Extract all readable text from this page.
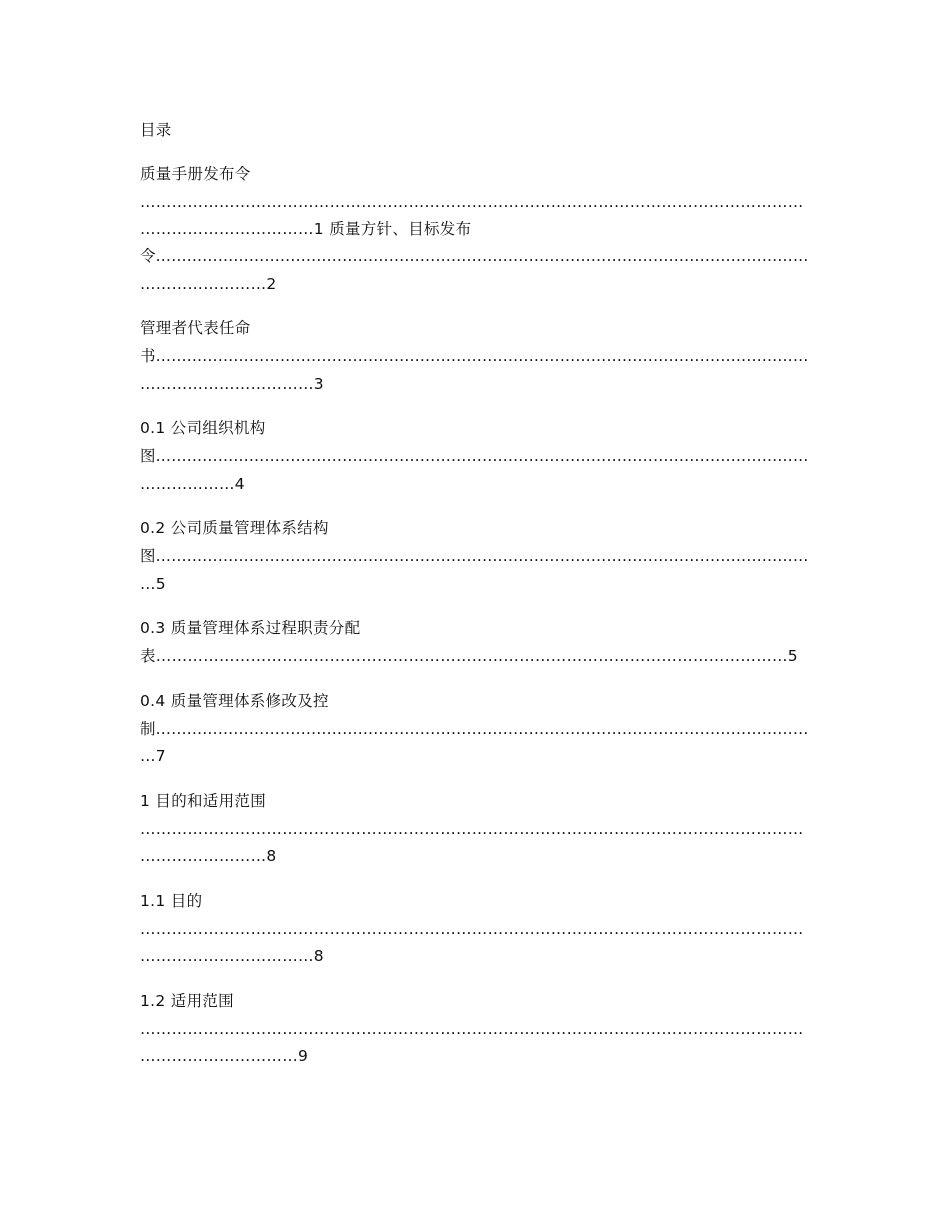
目录

质量手册发布令

………………………………………………………………………………………………………………

……………………………1 质量方针、目标发布

令………………………………………………………………………………………………………………

……………………2

管理者代表任命

书………………………………………………………………………………………………………………

……………………………3

0.1 公司组织机构

图………………………………………………………………………………………………………………

………………4

0.2 公司质量管理体系结构

图………………………………………………………………………………………………………………

…5

0.3 质量管理体系过程职责分配

表…………………………………………………………………………………………………………5

0.4 质量管理体系修改及控

制………………………………………………………………………………………………………………

…7

1 目的和适用范围

………………………………………………………………………………………………………………

……………………8

1.1 目的

………………………………………………………………………………………………………………

……………………………8

1.2 适用范围

………………………………………………………………………………………………………………

…………………………9
